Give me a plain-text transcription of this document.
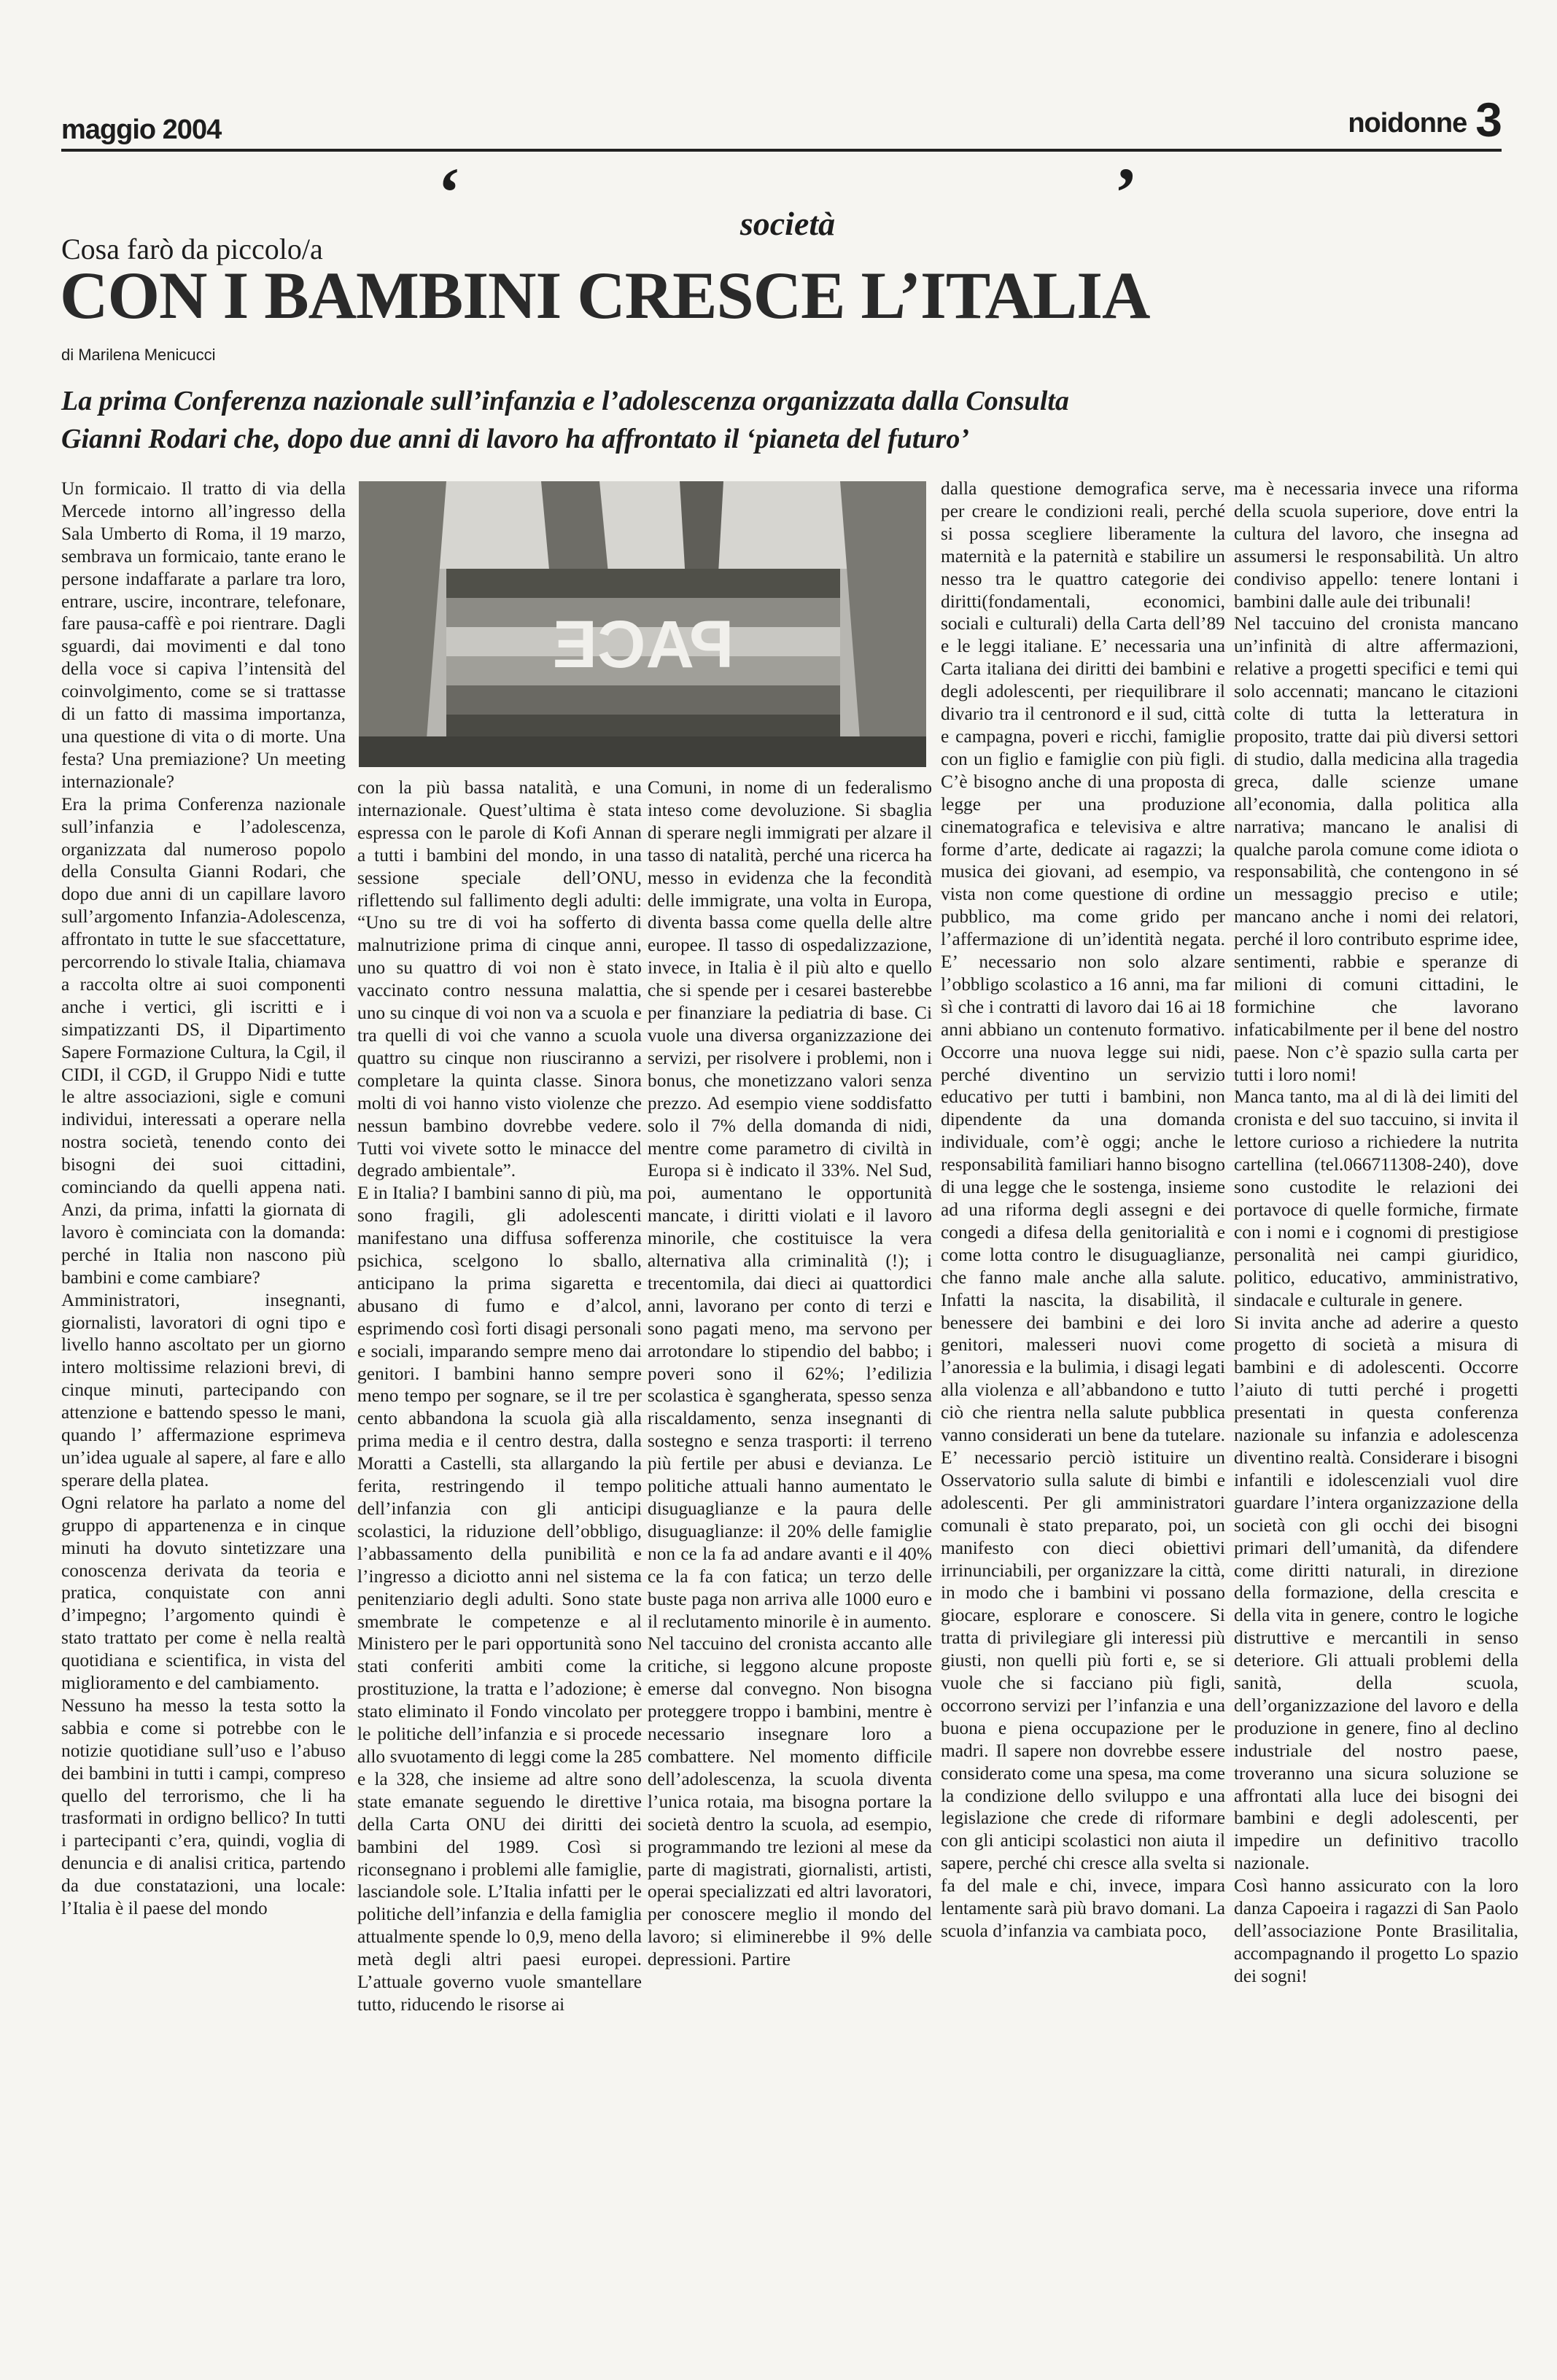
maggio 2004	noidonne 3
‘	società	’
Cosa farò da piccolo/a
CON I BAMBINI CRESCE L’ITALIA
di Marilena Menicucci
La prima Conferenza nazionale sull’infanzia e l’adolescenza organizzata dalla Consulta
Gianni Rodari che, dopo due anni di lavoro ha affrontato il ‘pianeta del futuro’
PACE

Un formicaio. Il tratto di via della Mercede intorno all’ingresso della Sala Umberto di Roma, il 19 marzo, sembrava un formicaio, tante erano le persone indaffarate a parlare tra loro, entrare, uscire, incontrare, telefonare, fare pausa-caffè e poi rientrare. Dagli sguardi, dai movimenti e dal tono della voce si capiva l’intensità del coinvolgimento, come se si trattasse di un fatto di massima importanza, una questione di vita o di morte. Una festa? Una premiazione? Un meeting internazionale?

Era la prima Conferenza nazionale sull’infanzia e l’adolescenza, organizzata dal numeroso popolo della Consulta Gianni Rodari, che dopo due anni di un capillare lavoro sull’argomento Infanzia-Adolescenza, affrontato in tutte le sue sfaccettature, percorrendo lo stivale Italia, chiamava a raccolta oltre ai suoi componenti anche i vertici, gli iscritti e i simpatizzanti DS, il Dipartimento Sapere Formazione Cultura, la Cgil, il CIDI, il CGD, il Gruppo Nidi e tutte le altre associazioni, sigle e comuni individui, interessati a operare nella nostra società, tenendo conto dei bisogni dei suoi cittadini, cominciando da quelli appena nati. Anzi, da prima, infatti la giornata di lavoro è cominciata con la domanda: perché in Italia non nascono più bambini e come cambiare?

Amministratori, insegnanti, giornalisti, lavoratori di ogni tipo e livello hanno ascoltato per un giorno intero moltissime relazioni brevi, di cinque minuti, partecipando con attenzione e battendo spesso le mani, quando l’ affermazione esprimeva un’idea uguale al sapere, al fare e allo sperare della platea.

Ogni relatore ha parlato a nome del gruppo di appartenenza e in cinque minuti ha dovuto sintetizzare una conoscenza derivata da teoria e pratica, conquistate con anni d’impegno; l’argomento quindi è stato trattato per come è nella realtà quotidiana e scientifica, in vista del miglioramento e del cambiamento.

Nessuno ha messo la testa sotto la sabbia e come si potrebbe con le notizie quotidiane sull’uso e l’abuso dei bambini in tutti i campi, compreso quello del terrorismo, che li ha trasformati in ordigno bellico? In tutti i partecipanti c’era, quindi, voglia di denuncia e di analisi critica, partendo da due constatazioni, una locale: l’Italia è il paese del mondo

con la più bassa natalità, e una internazionale. Quest’ultima è stata espressa con le parole di Kofi Annan a tutti i bambini del mondo, in una sessione speciale dell’ONU, riflettendo sul fallimento degli adulti: “Uno su tre di voi ha sofferto di malnutrizione prima di cinque anni, uno su quattro di voi non è stato vaccinato contro nessuna malattia, uno su cinque di voi non va a scuola e tra quelli di voi che vanno a scuola quattro su cinque non riusciranno a completare la quinta classe. Sinora molti di voi hanno visto violenze che nessun bambino dovrebbe vedere. Tutti voi vivete sotto le minacce del degrado ambientale”.

E in Italia? I bambini sanno di più, ma sono fragili, gli adolescenti manifestano una diffusa sofferenza psichica, scelgono lo sballo, anticipano la prima sigaretta e abusano di fumo e d’alcol, esprimendo così forti disagi personali e sociali, imparando sempre meno dai genitori. I bambini hanno sempre meno tempo per sognare, se il tre per cento abbandona la scuola già alla prima media e il centro destra, dalla Moratti a Castelli, sta allargando la ferita, restringendo il tempo dell’infanzia con gli anticipi scolastici, la riduzione dell’obbligo, l’abbassamento della punibilità e l’ingresso a diciotto anni nel sistema penitenziario degli adulti. Sono state smembrate le competenze e al Ministero per le pari opportunità sono stati conferiti ambiti come la prostituzione, la tratta e l’adozione; è stato eliminato il Fondo vincolato per le politiche dell’infanzia e si procede allo svuotamento di leggi come la 285 e la 328, che insieme ad altre sono state emanate seguendo le direttive della Carta ONU dei diritti dei bambini del 1989. Così si riconsegnano i problemi alle famiglie, lasciandole sole. L’Italia infatti per le politiche dell’infanzia e della famiglia attualmente spende lo 0,9, meno della metà degli altri paesi europei. L’attuale governo vuole smantellare tutto, riducendo le risorse ai

Comuni, in nome di un federalismo inteso come devoluzione. Si sbaglia di sperare negli immigrati per alzare il tasso di natalità, perché una ricerca ha messo in evidenza che la fecondità delle immigrate, una volta in Europa, diventa bassa come quella delle altre europee. Il tasso di ospedalizzazione, invece, in Italia è il più alto e quello che si spende per i cesarei basterebbe per finanziare la pediatria di base. Ci vuole una diversa organizzazione dei servizi, per risolvere i problemi, non i bonus, che monetizzano valori senza prezzo. Ad esempio viene soddisfatto solo il 7% della domanda di nidi, mentre come parametro di civiltà in Europa si è indicato il 33%. Nel Sud, poi, aumentano le opportunità mancate, i diritti violati e il lavoro minorile, che costituisce la vera alternativa alla criminalità (!); i trecentomila, dai dieci ai quattordici anni, lavorano per conto di terzi e sono pagati meno, ma servono per arrotondare lo stipendio del babbo; i poveri sono il 62%; l’edilizia scolastica è sgangherata, spesso senza riscaldamento, senza insegnanti di sostegno e senza trasporti: il terreno più fertile per abusi e devianza. Le politiche attuali hanno aumentato le disuguaglianze e la paura delle disuguaglianze: il 20% delle famiglie non ce la fa ad andare avanti e il 40% ce la fa con fatica; un terzo delle buste paga non arriva alle 1000 euro e il reclutamento minorile è in aumento.

Nel taccuino del cronista accanto alle critiche, si leggono alcune proposte emerse dal convegno. Non bisogna proteggere troppo i bambini, mentre è necessario insegnare loro a combattere. Nel momento difficile dell’adolescenza, la scuola diventa l’unica rotaia, ma bisogna portare la società dentro la scuola, ad esempio, programmando tre lezioni al mese da parte di magistrati, giornalisti, artisti, operai specializzati ed altri lavoratori, per conoscere meglio il mondo del lavoro; si eliminerebbe il 9% delle depressioni. Partire

dalla questione demografica serve, per creare le condizioni reali, perché si possa scegliere liberamente la maternità e la paternità e stabilire un nesso tra le quattro categorie dei diritti(fondamentali, economici, sociali e culturali) della Carta dell’89 e le leggi italiane. E’ necessaria una Carta italiana dei diritti dei bambini e degli adolescenti, per riequilibrare il divario tra il centronord e il sud, città e campagna, poveri e ricchi, famiglie con un figlio e famiglie con più figli. C’è bisogno anche di una proposta di legge per una produzione cinematografica e televisiva e altre forme d’arte, dedicate ai ragazzi; la musica dei giovani, ad esempio, va vista non come questione di ordine pubblico, ma come grido per l’affermazione di un’identità negata. E’ necessario non solo alzare l’obbligo scolastico a 16 anni, ma far sì che i contratti di lavoro dai 16 ai 18 anni abbiano un contenuto formativo. Occorre una nuova legge sui nidi, perché diventino un servizio educativo per tutti i bambini, non dipendente da una domanda individuale, com’è oggi; anche le responsabilità familiari hanno bisogno di una legge che le sostenga, insieme ad una riforma degli assegni e dei congedi a difesa della genitorialità e come lotta contro le disuguaglianze, che fanno male anche alla salute. Infatti la nascita, la disabilità, il benessere dei bambini e dei loro genitori, malesseri nuovi come l’anoressia e la bulimia, i disagi legati alla violenza e all’abbandono e tutto ciò che rientra nella salute pubblica vanno considerati un bene da tutelare. E’ necessario perciò istituire un Osservatorio sulla salute di bimbi e adolescenti. Per gli amministratori comunali è stato preparato, poi, un manifesto con dieci obiettivi irrinunciabili, per organizzare la città, in modo che i bambini vi possano giocare, esplorare e conoscere. Si tratta di privilegiare gli interessi più giusti, non quelli più forti e, se si vuole che si facciano più figli, occorrono servizi per l’infanzia e una buona e piena occupazione per le madri. Il sapere non dovrebbe essere considerato come una spesa, ma come la condizione dello sviluppo e una legislazione che crede di riformare con gli anticipi scolastici non aiuta il sapere, perché chi cresce alla svelta si fa del male e chi, invece, impara lentamente sarà più bravo domani. La scuola d’infanzia va cambiata poco,

ma è necessaria invece una riforma della scuola superiore, dove entri la cultura del lavoro, che insegna ad assumersi le responsabilità. Un altro condiviso appello: tenere lontani i bambini dalle aule dei tribunali!

Nel taccuino del cronista mancano un’infinità di altre affermazioni, relative a progetti specifici e temi qui solo accennati; mancano le citazioni colte di tutta la letteratura in proposito, tratte dai più diversi settori di studio, dalla medicina alla tragedia greca, dalle scienze umane all’economia, dalla politica alla narrativa; mancano le analisi di qualche parola comune come idiota o responsabilità, che contengono in sé un messaggio preciso e utile; mancano anche i nomi dei relatori, perché il loro contributo esprime idee, sentimenti, rabbie e speranze di milioni di comuni cittadini, le formichine che lavorano infaticabilmente per il bene del nostro paese. Non c’è spazio sulla carta per tutti i loro nomi!

Manca tanto, ma al di là dei limiti del cronista e del suo taccuino, si invita il lettore curioso a richiedere la nutrita cartellina (tel.066711308-240), dove sono custodite le relazioni dei portavoce di quelle formiche, firmate con i nomi e i cognomi di prestigiose personalità nei campi giuridico, politico, educativo, amministrativo, sindacale e culturale in genere.

Si invita anche ad aderire a questo progetto di società a misura di bambini e di adolescenti. Occorre l’aiuto di tutti perché i progetti presentati in questa conferenza nazionale su infanzia e adolescenza diventino realtà. Considerare i bisogni infantili e idolescenziali vuol dire guardare l’intera organizzazione della società con gli occhi dei bisogni primari dell’umanità, da difendere come diritti naturali, in direzione della formazione, della crescita e della vita in genere, contro le logiche distruttive e mercantili in senso deteriore. Gli attuali problemi della sanità, della scuola, dell’organizzazione del lavoro e della produzione in genere, fino al declino industriale del nostro paese, troveranno una sicura soluzione se affrontati alla luce dei bisogni dei bambini e degli adolescenti, per impedire un definitivo tracollo nazionale.

Così hanno assicurato con la loro danza Capoeira i ragazzi di San Paolo dell’associazione Ponte Brasilitalia, accompagnando il progetto Lo spazio dei sogni!
